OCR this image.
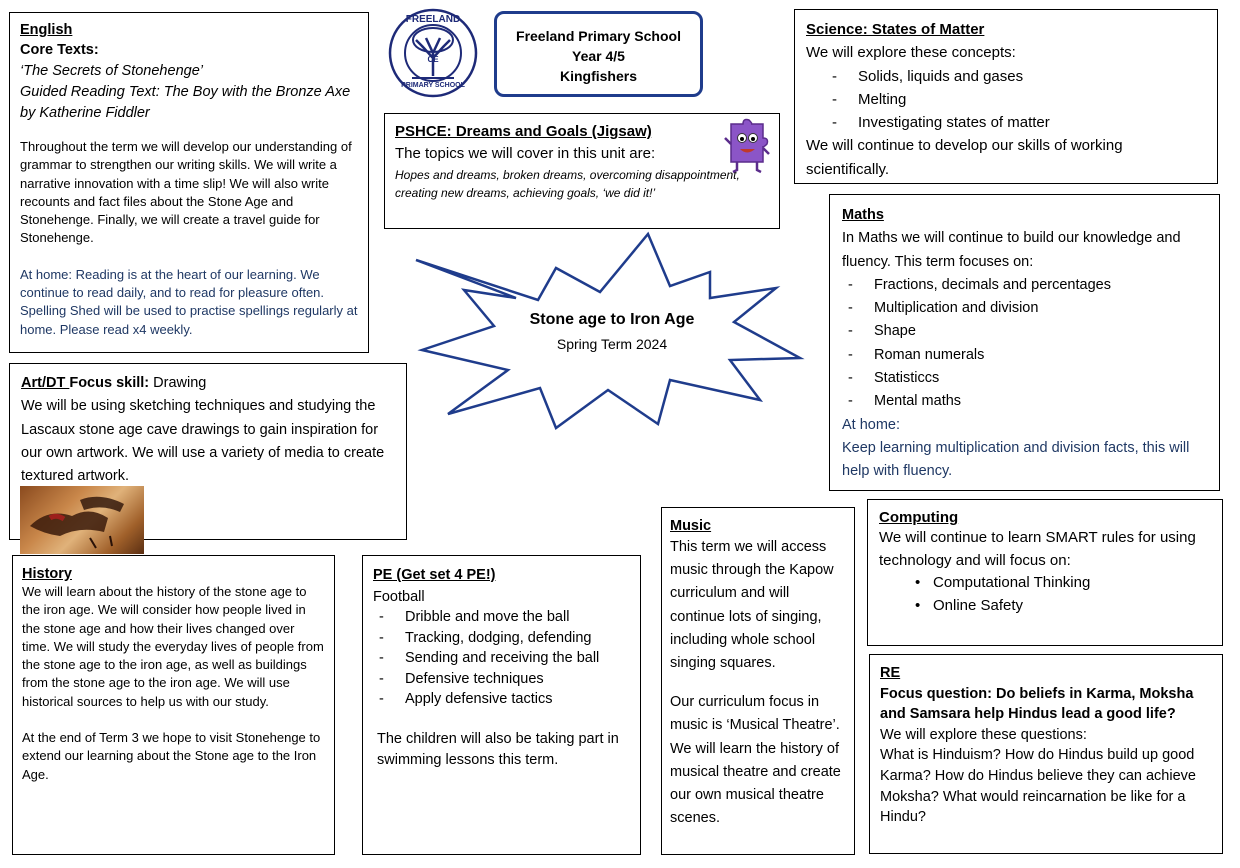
FREELAND
CE
PRIMARY SCHOOL
Freeland Primary School
Year 4/5
Kingfishers
English
Core Texts:
‘The Secrets of Stonehenge’
Guided Reading Text: The Boy with the Bronze Axe by Katherine Fiddler

Throughout the term we will develop our understanding of grammar to strengthen our writing skills. We will write a narrative innovation with a time slip! We will also write recounts and fact files about the Stone Age and Stonehenge. Finally, we will create a travel guide for Stonehenge.

At home: Reading is at the heart of our learning. We continue to read daily, and to read for pleasure often. Spelling Shed will be used to practise spellings regularly at home. Please read x4 weekly.

PSHCE: Dreams and Goals (Jigsaw)
The topics we will cover in this unit are:
Hopes and dreams, broken dreams, overcoming disappointment, creating new dreams, achieving goals, ‘we did it!’
Science: States of Matter
We will explore these concepts:
- Solids, liquids and gases
- Melting
- Investigating states of matter
We will continue to develop our skills of working scientifically.
Stone age to Iron Age
Spring Term 2024
Maths
In Maths we will continue to build our knowledge and fluency. This term focuses on:
- Fractions, decimals and percentages
- Multiplication and division
- Shape
- Roman numerals
- Statisticcs
- Mental maths
At home:
Keep learning multiplication and division facts, this will help with fluency.
Art/DT Focus skill: Drawing
We will be using sketching techniques and studying the Lascaux stone age cave drawings to gain inspiration for our own artwork. We will use a variety of media to create textured artwork.
History

We will learn about the history of the stone age to the iron age. We will consider how people lived in the stone age and how their lives changed over time. We will study the everyday lives of people from the stone age to the iron age, as well as buildings from the stone age to the iron age. We will use historical sources to help us with our study.

At the end of Term 3 we hope to visit Stonehenge to extend our learning about the Stone age to the Iron Age.

PE (Get set 4 PE!)
Football
- Dribble and move the ball
- Tracking, dodging, defending
- Sending and receiving the ball
- Defensive techniques
- Apply defensive tactics

The children will also be taking part in swimming lessons this term.

Music

This term we will access music through the Kapow curriculum and will continue lots of singing, including whole school singing squares.

Our curriculum focus in music is ‘Musical Theatre’. We will learn the history of musical theatre and create our own musical theatre scenes.

Computing
We will continue to learn SMART rules for using technology and will focus on:
• Computational Thinking
• Online Safety
RE
Focus question: Do beliefs in Karma, Moksha and Samsara help Hindus lead a good life?
We will explore these questions:
What is Hinduism? How do Hindus build up good Karma? How do Hindus believe they can achieve Moksha? What would reincarnation be like for a Hindu?
